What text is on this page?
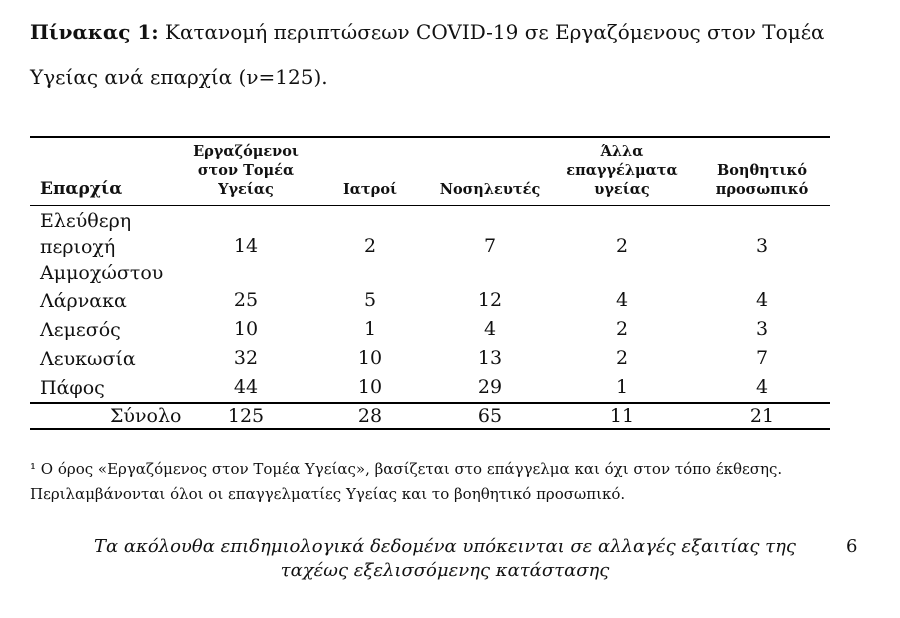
Πίνακας 1: Κατανομή περιπτώσεων COVID-19 σε Εργαζόμενους στον Τομέα Υγείας ανά επαρχία (ν=125).
Επαρχία	Εργαζόμενοι στον Τομέα Υγείας	Ιατροί	Νοσηλευτές	Άλλα επαγγέλματα υγείας	Βοηθητικό προσωπικό

Ελεύθερη περιοχή Αμμοχώστου	14	2	7	2	3
Λάρνακα	25	5	12	4	4
Λεμεσός	10	1	4	2	3
Λευκωσία	32	10	13	2	7
Πάφος	44	10	29	1	4
Σύνολο	125	28	65	11	21
¹ Ο όρος «Εργαζόμενος στον Τομέα Υγείας», βασίζεται στο επάγγελμα και όχι στον τόπο έκθεσης. Περιλαμβάνονται όλοι οι επαγγελματίες Υγείας και το βοηθητικό προσωπικό.
Τα ακόλουθα επιδημιολογικά δεδομένα υπόκεινται σε αλλαγές εξαιτίας της ταχέως εξελισσόμενης κατάστασης
6
